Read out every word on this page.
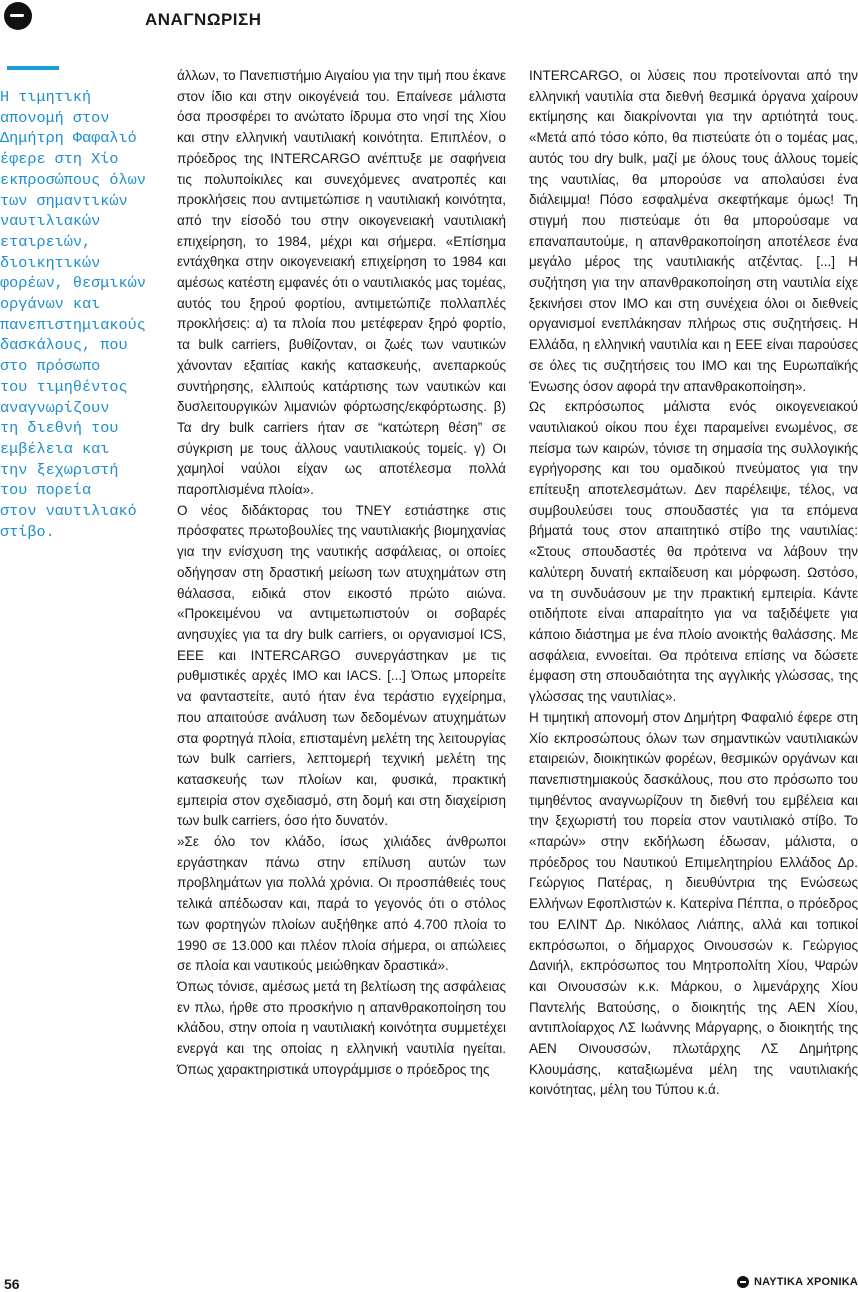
ΑΝΑΓΝΩΡΙΣΗ
Η τιμητική
απονομή στον
Δημήτρη Φαφαλιό
έφερε στη Χίο
εκπροσώπους όλων
των σημαντικών
ναυτιλιακών
εταιρειών,
διοικητικών
φορέων, θεσμικών
οργάνων και
πανεπιστημιακούς
δασκάλους, που
στο πρόσωπο
του τιμηθέντος
αναγνωρίζουν
τη διεθνή του
εμβέλεια και
την ξεχωριστή
του πορεία
στον ναυτιλιακό
στίβο.

άλλων, το Πανεπιστήμιο Αιγαίου για την τιμή που έκανε στον ίδιο και στην οικογένειά του. Επαίνεσε μάλιστα όσα προσφέρει το ανώτατο ίδρυμα στο νησί της Χίου και στην ελληνική ναυτιλιακή κοινότητα. Επιπλέον, ο πρόεδρος της INTERCARGO ανέπτυξε με σαφήνεια τις πολυποίκιλες και συνεχόμενες ανατροπές και προκλήσεις που αντιμετώπισε η ναυτιλιακή κοινότητα, από την είσοδό του στην οικογενειακή ναυτιλιακή επιχείρηση, το 1984, μέχρι και σήμερα. «Επίσημα εντάχθηκα στην οικογενειακή επιχείρηση το 1984 και αμέσως κατέστη εμφανές ότι ο ναυτιλιακός μας τομέας, αυτός του ξηρού φορτίου, αντιμετώπιζε πολλαπλές προκλήσεις: α) τα πλοία που μετέφεραν ξηρό φορτίο, τα bulk carriers, βυθίζονταν, οι ζωές των ναυτικών χάνονταν εξαιτίας κακής κατασκευής, ανεπαρκούς συντήρησης, ελλιπούς κατάρτισης των ναυτικών και δυσλειτουργικών λιμανιών φόρτωσης/εκφόρτωσης. β) Τα dry bulk carriers ήταν σε “κατώτερη θέση” σε σύγκριση με τους άλλους ναυτιλιακούς τομείς. γ) Οι χαμηλοί ναύλοι είχαν ως αποτέλεσμα πολλά παροπλισμένα πλοία».

Ο νέος διδάκτορας του ΤΝΕΥ εστιάστηκε στις πρόσφατες πρωτοβουλίες της ναυτιλιακής βιομηχανίας για την ενίσχυση της ναυτικής ασφάλειας, οι οποίες οδήγησαν στη δραστική μείωση των ατυχημάτων στη θάλασσα, ειδικά στον εικοστό πρώτο αιώνα. «Προκειμένου να αντιμετωπιστούν οι σοβαρές ανησυχίες για τα dry bulk carriers, οι οργανισμοί ICS, EEE και INTERCARGO συνεργάστηκαν με τις ρυθμιστικές αρχές ΙΜΟ και IACS. [...] Όπως μπορείτε να φανταστείτε, αυτό ήταν ένα τεράστιο εγχείρημα, που απαιτούσε ανάλυση των δεδομένων ατυχημάτων στα φορτηγά πλοία, επισταμένη μελέτη της λειτουργίας των bulk carriers, λεπτομερή τεχνική μελέτη της κατασκευής των πλοίων και, φυσικά, πρακτική εμπειρία στον σχεδιασμό, στη δομή και στη διαχείριση των bulk carriers, όσο ήτο δυνατόν.

»Σε όλο τον κλάδο, ίσως χιλιάδες άνθρωποι εργάστηκαν πάνω στην επίλυση αυτών των προβλημάτων για πολλά χρόνια. Οι προσπάθειές τους τελικά απέδωσαν και, παρά το γεγονός ότι ο στόλος των φορτηγών πλοίων αυξήθηκε από 4.700 πλοία το 1990 σε 13.000 και πλέον πλοία σήμερα, οι απώλειες σε πλοία και ναυτικούς μειώθηκαν δραστικά».

Όπως τόνισε, αμέσως μετά τη βελτίωση της ασφάλειας εν πλω, ήρθε στο προσκήνιο η απανθρακοποίηση του κλάδου, στην οποία η ναυτιλιακή κοινότητα συμμετέχει ενεργά και της οποίας η ελληνική ναυτιλία ηγείται. Όπως χαρακτηριστικά υπογράμμισε ο πρόεδρος της

INTERCARGO, οι λύσεις που προτείνονται από την ελληνική ναυτιλία στα διεθνή θεσμικά όργανα χαίρουν εκτίμησης και διακρίνονται για την αρτιότητά τους. «Μετά από τόσο κόπο, θα πιστεύατε ότι ο τομέας μας, αυτός του dry bulk, μαζί με όλους τους άλλους τομείς της ναυτιλίας, θα μπορούσε να απολαύσει ένα διάλειμμα! Πόσο εσφαλμένα σκεφτήκαμε όμως! Τη στιγμή που πιστεύαμε ότι θα μπορούσαμε να επαναπαυτούμε, η απανθρακοποίηση αποτέλεσε ένα μεγάλο μέρος της ναυτιλιακής ατζέντας. [...] Η συζήτηση για την απανθρακοποίηση στη ναυτιλία είχε ξεκινήσει στον ΙΜΟ και στη συνέχεια όλοι οι διεθνείς οργανισμοί ενεπλάκησαν πλήρως στις συζητήσεις. Η Ελλάδα, η ελληνική ναυτιλία και η ΕΕΕ είναι παρούσες σε όλες τις συζητήσεις του ΙΜΟ και της Ευρωπαϊκής Ένωσης όσον αφορά την απανθρακοποίηση».

Ως εκπρόσωπος μάλιστα ενός οικογενειακού ναυτιλιακού οίκου που έχει παραμείνει ενωμένος, σε πείσμα των καιρών, τόνισε τη σημασία της συλλογικής εγρήγορσης και του ομαδικού πνεύματος για την επίτευξη αποτελεσμάτων. Δεν παρέλειψε, τέλος, να συμβουλεύσει τους σπουδαστές για τα επόμενα βήματά τους στον απαιτητικό στίβο της ναυτιλίας: «Στους σπουδαστές θα πρότεινα να λάβουν την καλύτερη δυνατή εκπαίδευση και μόρφωση. Ωστόσο, να τη συνδυάσουν με την πρακτική εμπειρία. Κάντε οτιδήποτε είναι απαραίτητο για να ταξιδέψετε για κάποιο διάστημα με ένα πλοίο ανοικτής θαλάσσης. Με ασφάλεια, εννοείται. Θα πρότεινα επίσης να δώσετε έμφαση στη σπουδαιότητα της αγγλικής γλώσσας, της γλώσσας της ναυτιλίας».

Η τιμητική απονομή στον Δημήτρη Φαφαλιό έφερε στη Χίο εκπροσώπους όλων των σημαντικών ναυτιλιακών εταιρειών, διοικητικών φορέων, θεσμικών οργάνων και πανεπιστημιακούς δασκάλους, που στο πρόσωπο του τιμηθέντος αναγνωρίζουν τη διεθνή του εμβέλεια και την ξεχωριστή του πορεία στον ναυτιλιακό στίβο. Το «παρών» στην εκδήλωση έδωσαν, μάλιστα, ο πρόεδρος του Ναυτικού Επιμελητηρίου Ελλάδος Δρ. Γεώργιος Πατέρας, η διευθύντρια της Ενώσεως Ελλήνων Εφοπλιστών κ. Κατερίνα Πέππα, ο πρόεδρος του ΕΛΙΝΤ Δρ. Νικόλαος Λιάπης, αλλά και τοπικοί εκπρόσωποι, ο δήμαρχος Οινουσσών κ. Γεώργιος Δανιήλ, εκπρόσωπος του Μητροπολίτη Χίου, Ψαρών και Οινουσσών κ.κ. Μάρκου, ο λιμενάρχης Χίου Παντελής Βατούσης, ο διοικητής της ΑΕΝ Χίου, αντιπλοίαρχος ΛΣ Ιωάννης Μάργαρης, ο διοικητής της ΑΕΝ Οινουσσών, πλωτάρχης ΛΣ Δημήτρης Κλουμάσης, καταξιωμένα μέλη της ναυτιλιακής κοινότητας, μέλη του Τύπου κ.ά.

56	ΝΑΥΤΙΚΑ ΧΡΟΝΙΚΑ
